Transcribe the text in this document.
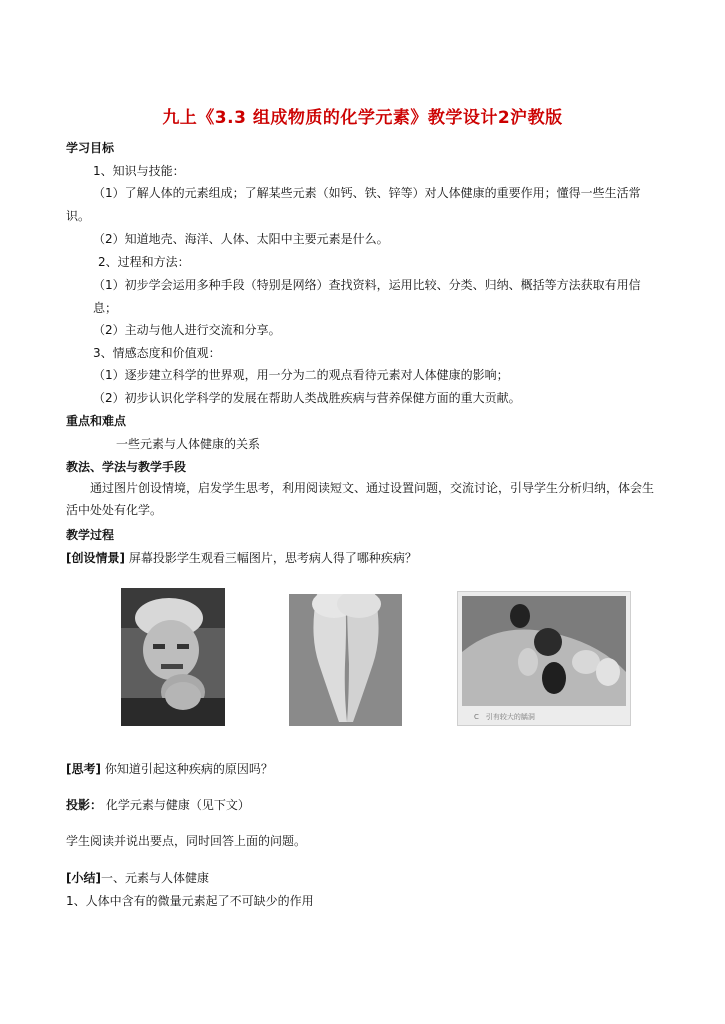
九上《3.3 组成物质的化学元素》教学设计2沪教版
学习目标
1、知识与技能：
（1）了解人体的元素组成；了解某些元素（如钙、铁、锌等）对人体健康的重要作用；懂得一些生活常
识。
（2）知道地壳、海洋、人体、太阳中主要元素是什么。
2、过程和方法：
（1）初步学会运用多种手段（特别是网络）查找资料，运用比较、分类、归纳、概括等方法获取有用信
息；
（2）主动与他人进行交流和分享。
3、情感态度和价值观：
（1）逐步建立科学的世界观，用一分为二的观点看待元素对人体健康的影响；
（2）初步认识化学科学的发展在帮助人类战胜疾病与营养保健方面的重大贡献。
重点和难点
一些元素与人体健康的关系
教法、学法与教学手段
通过图片创设情境，启发学生思考，利用阅读短文、通过设置问题，交流讨论，引导学生分析归纳，体会生活中处处有化学。
教学过程
[创设情景] 屏幕投影学生观看三幅图片，思考病人得了哪种疾病？
C　引有较大的龋洞
[思考] 你知道引起这种疾病的原因吗？
投影： 化学元素与健康（见下文）
学生阅读并说出要点，同时回答上面的问题。
[小结]一、元素与人体健康
1、人体中含有的微量元素起了不可缺少的作用
